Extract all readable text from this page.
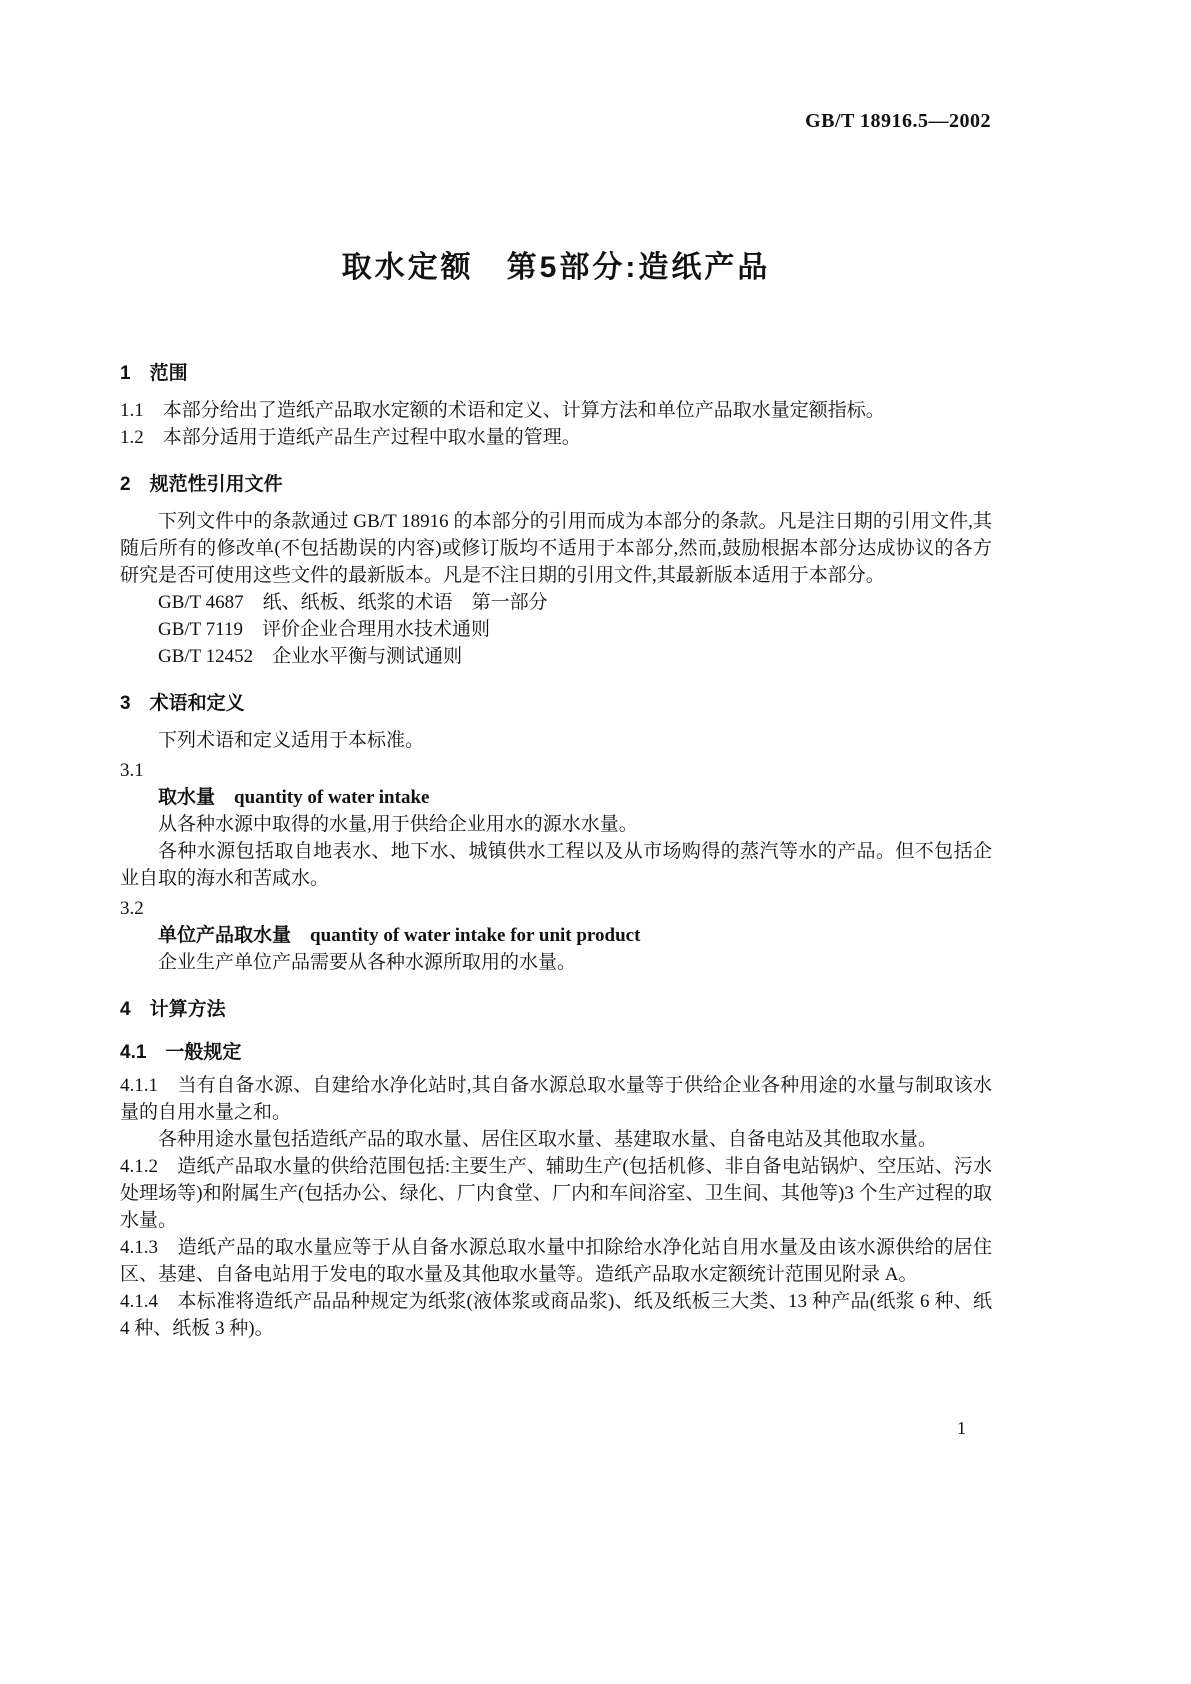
GB/T 18916.5—2002
取水定额　第5部分:造纸产品
1　范围
1.1　本部分给出了造纸产品取水定额的术语和定义、计算方法和单位产品取水量定额指标。
1.2　本部分适用于造纸产品生产过程中取水量的管理。
2　规范性引用文件
下列文件中的条款通过 GB/T 18916 的本部分的引用而成为本部分的条款。凡是注日期的引用文件,其随后所有的修改单(不包括勘误的内容)或修订版均不适用于本部分,然而,鼓励根据本部分达成协议的各方研究是否可使用这些文件的最新版本。凡是不注日期的引用文件,其最新版本适用于本部分。
GB/T 4687　纸、纸板、纸浆的术语　第一部分
GB/T 7119　评价企业合理用水技术通则
GB/T 12452　企业水平衡与测试通则
3　术语和定义
下列术语和定义适用于本标准。
3.1
取水量　quantity of water intake
从各种水源中取得的水量,用于供给企业用水的源水水量。
各种水源包括取自地表水、地下水、城镇供水工程以及从市场购得的蒸汽等水的产品。但不包括企业自取的海水和苦咸水。
3.2
单位产品取水量　quantity of water intake for unit product
企业生产单位产品需要从各种水源所取用的水量。
4　计算方法
4.1　一般规定
4.1.1　当有自备水源、自建给水净化站时,其自备水源总取水量等于供给企业各种用途的水量与制取该水量的自用水量之和。
各种用途水量包括造纸产品的取水量、居住区取水量、基建取水量、自备电站及其他取水量。
4.1.2　造纸产品取水量的供给范围包括:主要生产、辅助生产(包括机修、非自备电站锅炉、空压站、污水处理场等)和附属生产(包括办公、绿化、厂内食堂、厂内和车间浴室、卫生间、其他等)3 个生产过程的取水量。
4.1.3　造纸产品的取水量应等于从自备水源总取水量中扣除给水净化站自用水量及由该水源供给的居住区、基建、自备电站用于发电的取水量及其他取水量等。造纸产品取水定额统计范围见附录 A。
4.1.4　本标准将造纸产品品种规定为纸浆(液体浆或商品浆)、纸及纸板三大类、13 种产品(纸浆 6 种、纸 4 种、纸板 3 种)。
1
